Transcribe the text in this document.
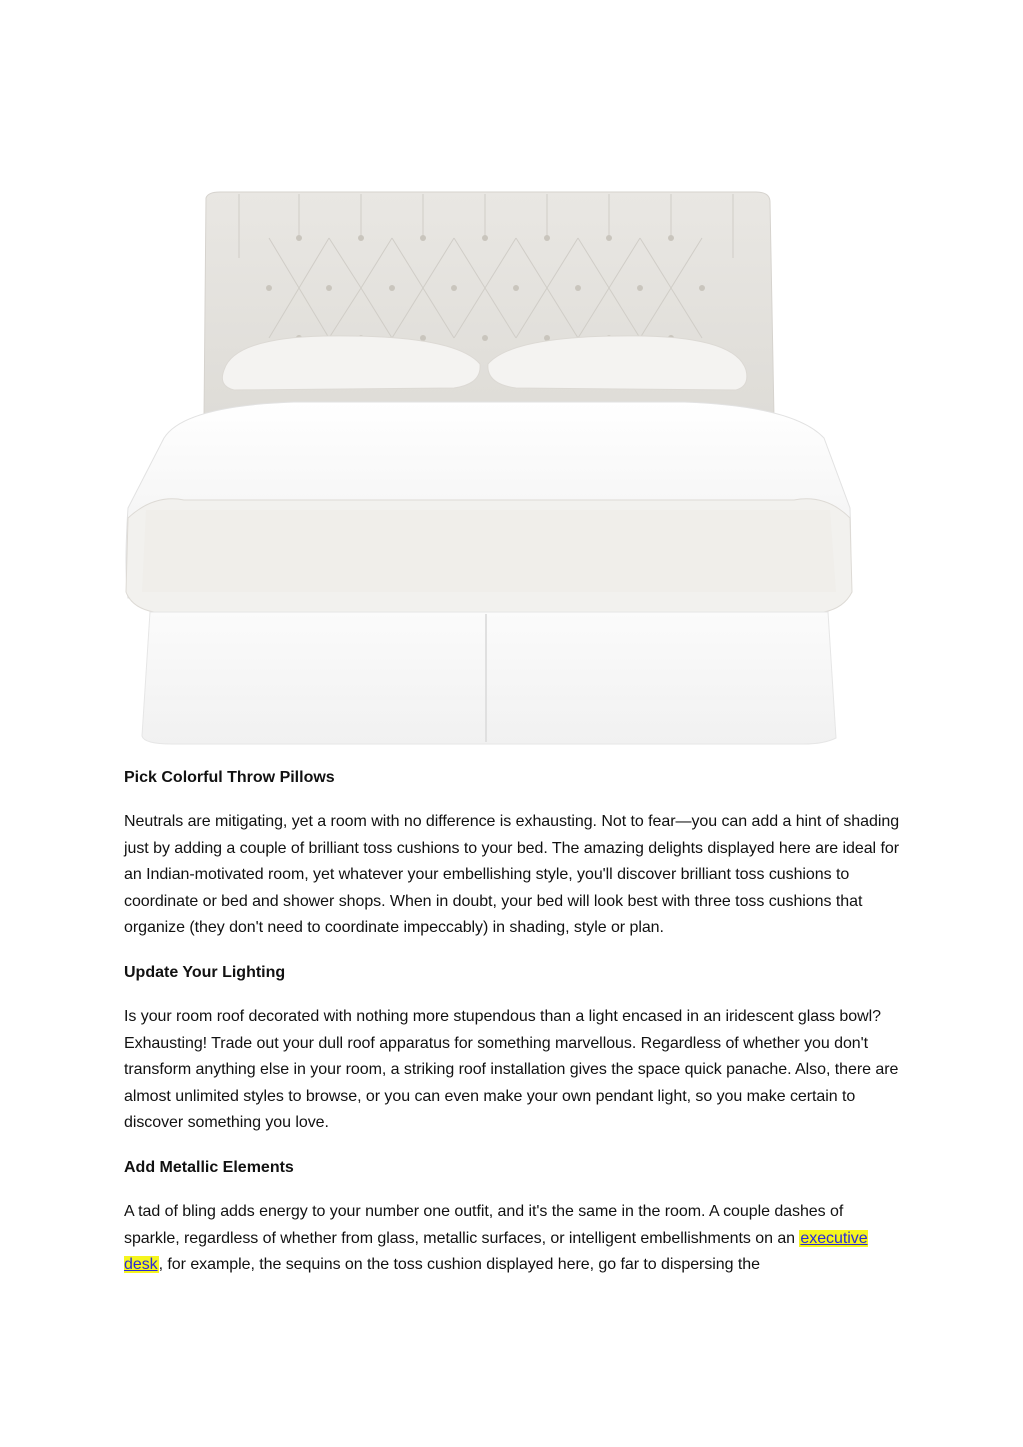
Pick Colorful Throw Pillows

Neutrals are mitigating, yet a room with no difference is exhausting. Not to fear—you can add a hint of shading just by adding a couple of brilliant toss cushions to your bed. The amazing delights displayed here are ideal for an Indian-motivated room, yet whatever your embellishing style, you'll discover brilliant toss cushions to coordinate or bed and shower shops. When in doubt, your bed will look best with three toss cushions that organize (they don't need to coordinate impeccably) in shading, style or plan.

Update Your Lighting

Is your room roof decorated with nothing more stupendous than a light encased in an iridescent glass bowl? Exhausting! Trade out your dull roof apparatus for something marvellous. Regardless of whether you don't transform anything else in your room, a striking roof installation gives the space quick panache. Also, there are almost unlimited styles to browse, or you can even make your own pendant light, so you make certain to discover something you love.

Add Metallic Elements

A tad of bling adds energy to your number one outfit, and it's the same in the room. A couple dashes of sparkle, regardless of whether from glass, metallic surfaces, or intelligent embellishments on an executive desk, for example, the sequins on the toss cushion displayed here, go far to dispersing the
